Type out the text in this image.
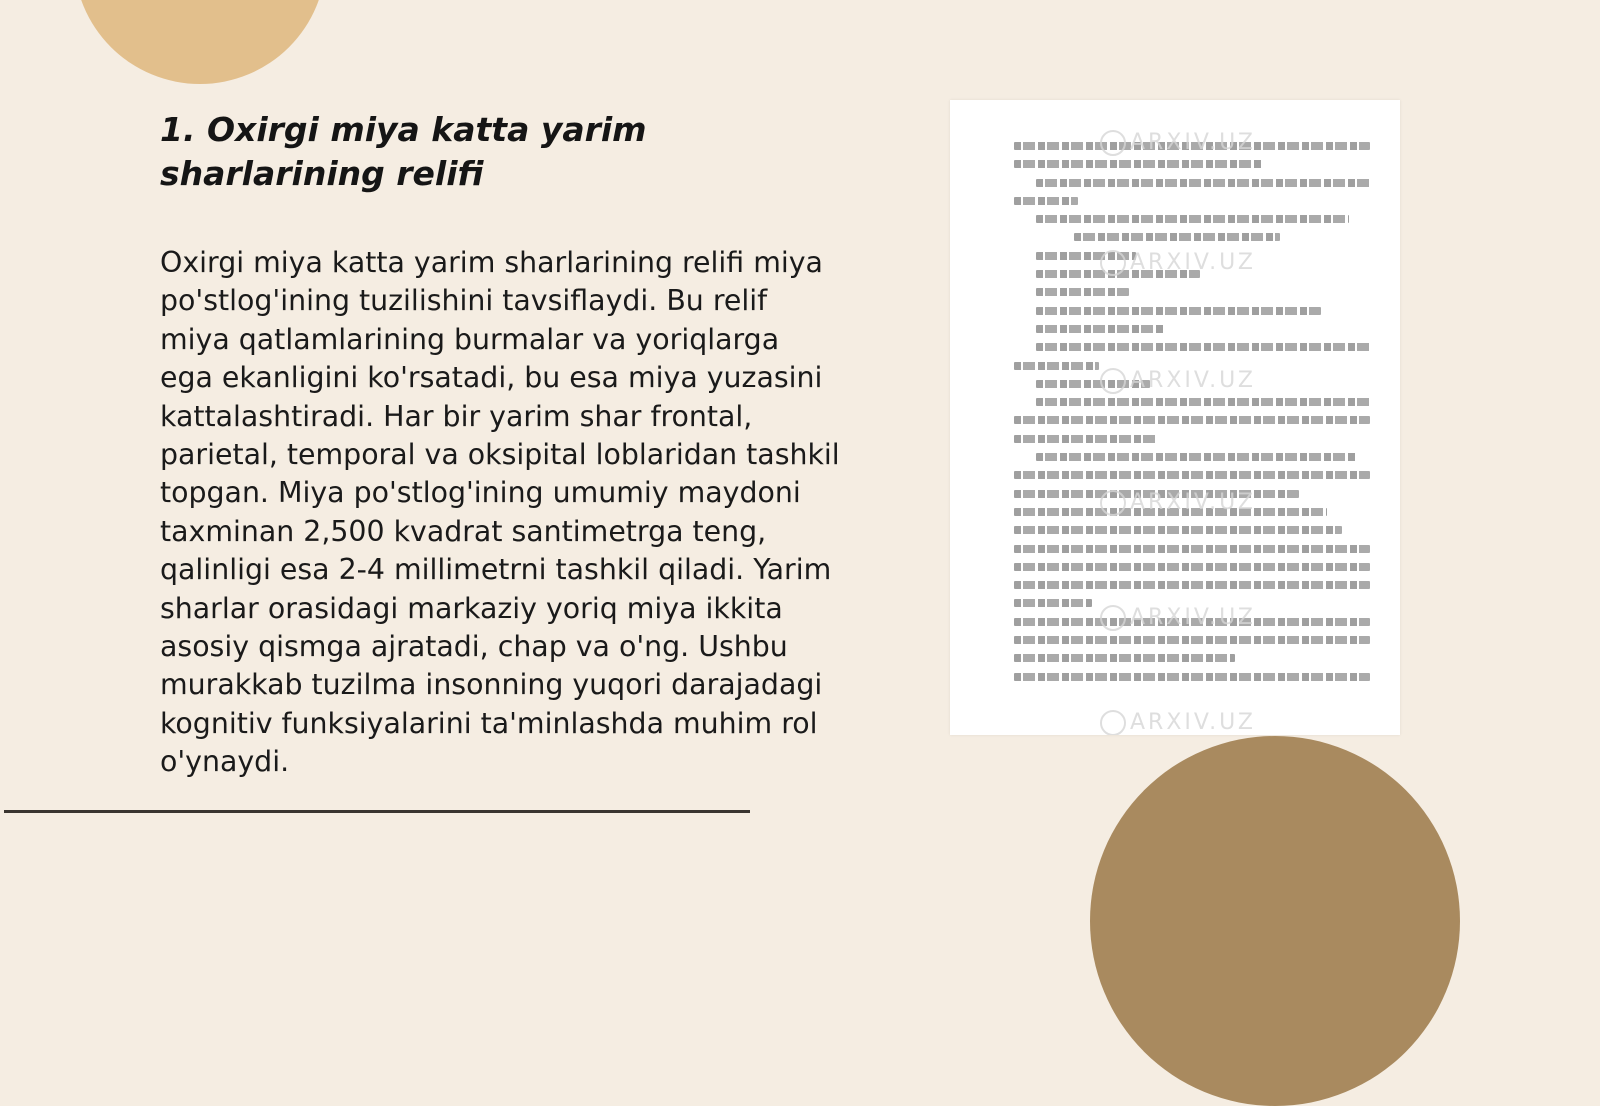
1. Oxirgi miya katta yarim sharlarining relifi

Oxirgi miya katta yarim sharlarining relifi miya po'stlog'ining tuzilishini tavsiflaydi. Bu relif miya qatlamlarining burmalar va yoriqlarga ega ekanligini ko'rsatadi, bu esa miya yuzasini kattalashtiradi. Har bir yarim shar frontal, parietal, temporal va oksipital loblaridan tashkil topgan. Miya po'stlog'ining umumiy maydoni taxminan 2,500 kvadrat santimetrga teng, qalinligi esa 2-4 millimetrni tashkil qiladi. Yarim sharlar orasidagi markaziy yoriq miya ikkita asosiy qismga ajratadi, chap va o'ng. Ushbu murakkab tuzilma insonning yuqori darajadagi kognitiv funksiyalarini ta'minlashda muhim rol o'ynaydi.

ARXIV.UZ
ARXIV.UZ
ARXIV.UZ
ARXIV.UZ
ARXIV.UZ
ARXIV.UZ
